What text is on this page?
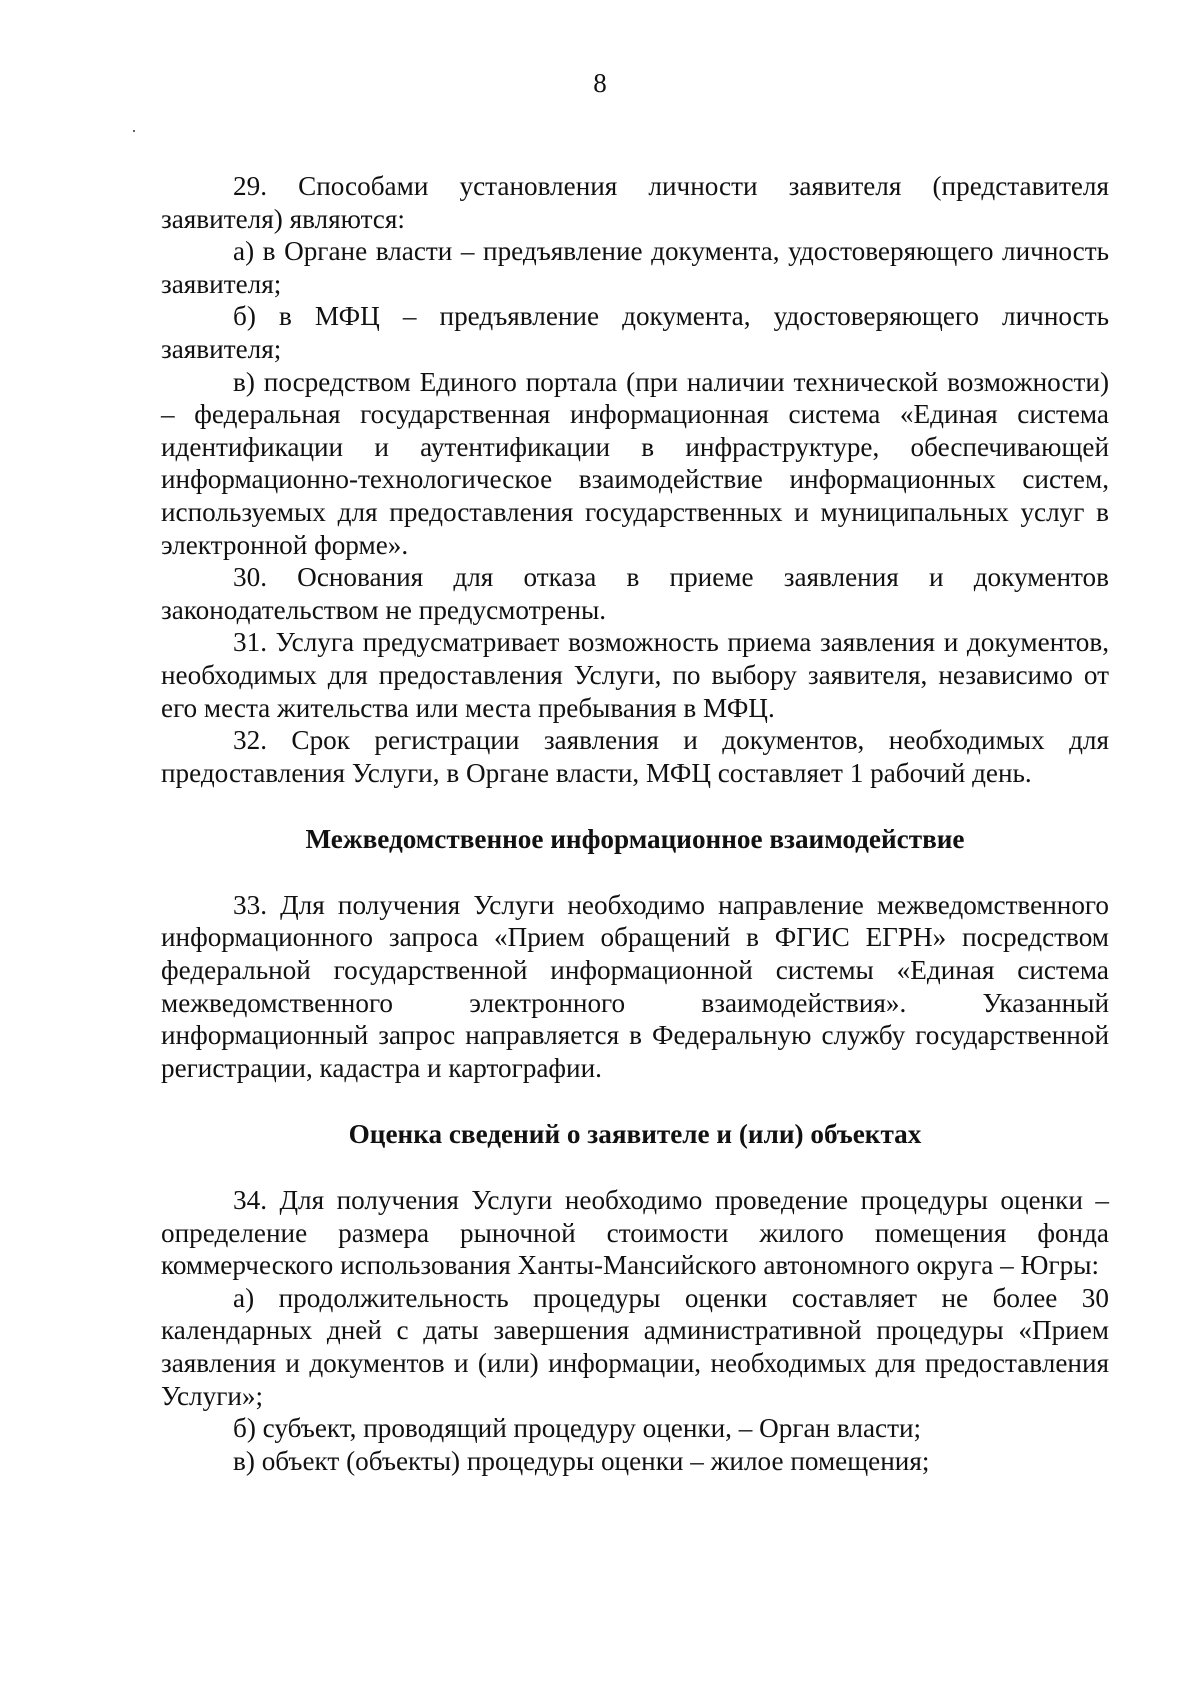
8

29. Способами установления личности заявителя (представителя заявителя) являются:

а) в Органе власти – предъявление документа, удостоверяющего личность заявителя;

б) в МФЦ – предъявление документа, удостоверяющего личность заявителя;

в) посредством Единого портала (при наличии технической возможности) – федеральная государственная информационная система «Единая система идентификации и аутентификации в инфраструктуре, обеспечивающей информационно-технологическое взаимодействие информационных систем, используемых для предоставления государственных и муниципальных услуг в электронной форме».

30. Основания для отказа в приеме заявления и документов законодательством не предусмотрены.

31. Услуга предусматривает возможность приема заявления и документов, необходимых для предоставления Услуги, по выбору заявителя, независимо от его места жительства или места пребывания в МФЦ.

32. Срок регистрации заявления и документов, необходимых для предоставления Услуги, в Органе власти, МФЦ составляет 1 рабочий день.

Межведомственное информационное взаимодействие

33. Для получения Услуги необходимо направление межведомственного информационного запроса «Прием обращений в ФГИС ЕГРН» посредством федеральной государственной информационной системы «Единая система межведомственного электронного взаимодействия». Указанный информационный запрос направляется в Федеральную службу государственной регистрации, кадастра и картографии.

Оценка сведений о заявителе и (или) объектах

34. Для получения Услуги необходимо проведение процедуры оценки – определение размера рыночной стоимости жилого помещения фонда коммерческого использования Ханты-Мансийского автономного округа – Югры:

а) продолжительность процедуры оценки составляет не более 30 календарных дней с даты завершения административной процедуры «Прием заявления и документов и (или) информации, необходимых для предоставления Услуги»;

б) субъект, проводящий процедуру оценки, – Орган власти;

в) объект (объекты) процедуры оценки – жилое помещения;
